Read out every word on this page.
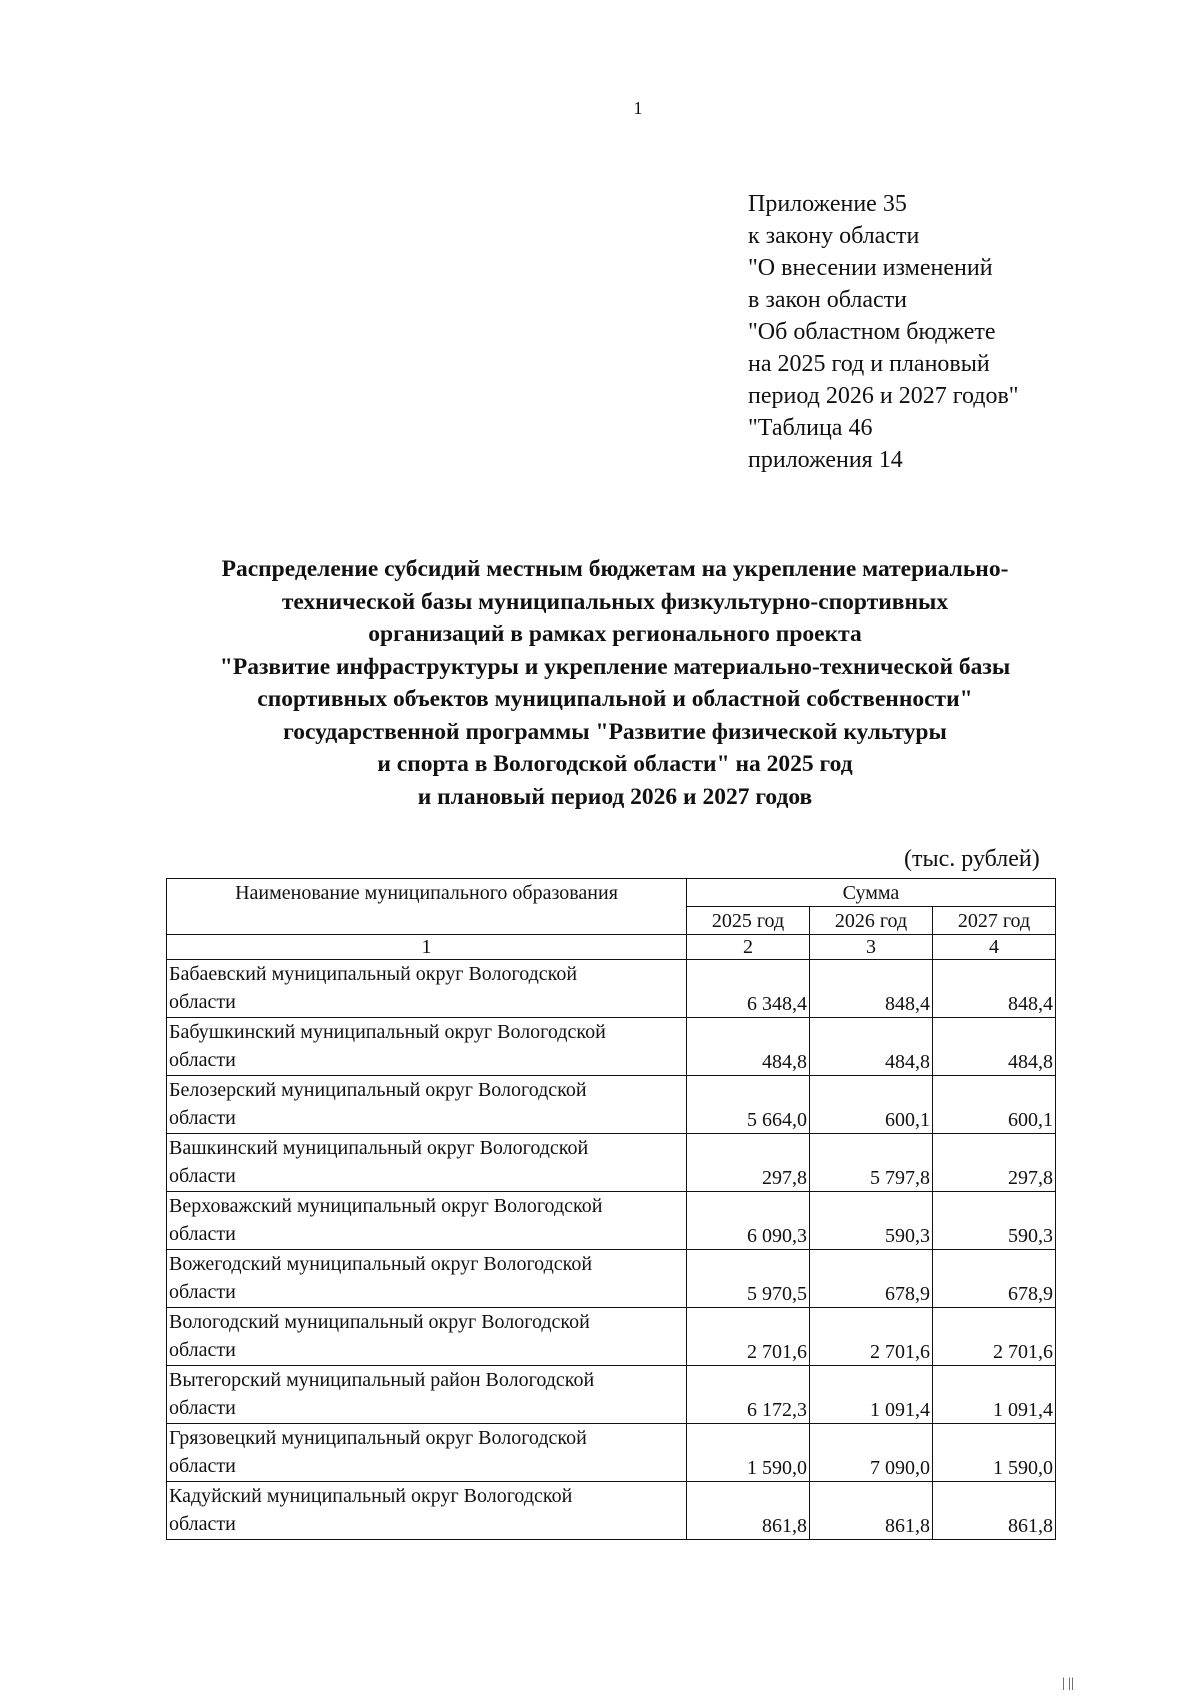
1
Приложение 35
к закону области
"О внесении изменений
в закон области
"Об областном бюджете
на 2025 год и плановый
период 2026 и 2027 годов"
"Таблица 46
приложения 14
Распределение субсидий местным бюджетам на укрепление материально-
технической базы муниципальных физкультурно-спортивных
организаций в рамках регионального проекта
"Развитие инфраструктуры и укрепление материально-технической базы
спортивных объектов муниципальной и областной собственности"
государственной программы "Развитие физической культуры
и спорта в Вологодской области" на 2025 год
и плановый период 2026 и 2027 годов
(тыс. рублей)
Наименование муниципального образования	Сумма		
	2025 год	2026 год	2027 год
1	2	3	4
Бабаевский муниципальный округ Вологодской
области	6 348,4	848,4	848,4
Бабушкинский муниципальный округ Вологодской
области	484,8	484,8	484,8
Белозерский муниципальный округ Вологодской
области	5 664,0	600,1	600,1
Вашкинский муниципальный округ Вологодской
области	297,8	5 797,8	297,8
Верховажский муниципальный округ Вологодской
области	6 090,3	590,3	590,3
Вожегодский муниципальный округ Вологодской
области	5 970,5	678,9	678,9
Вологодский муниципальный округ Вологодской
области	2 701,6	2 701,6	2 701,6
Вытегорский муниципальный район Вологодской
области	6 172,3	1 091,4	1 091,4
Грязовецкий муниципальный округ Вологодской
области	1 590,0	7 090,0	1 590,0
Кадуйский муниципальный округ Вологодской
области	861,8	861,8	861,8
| ||
